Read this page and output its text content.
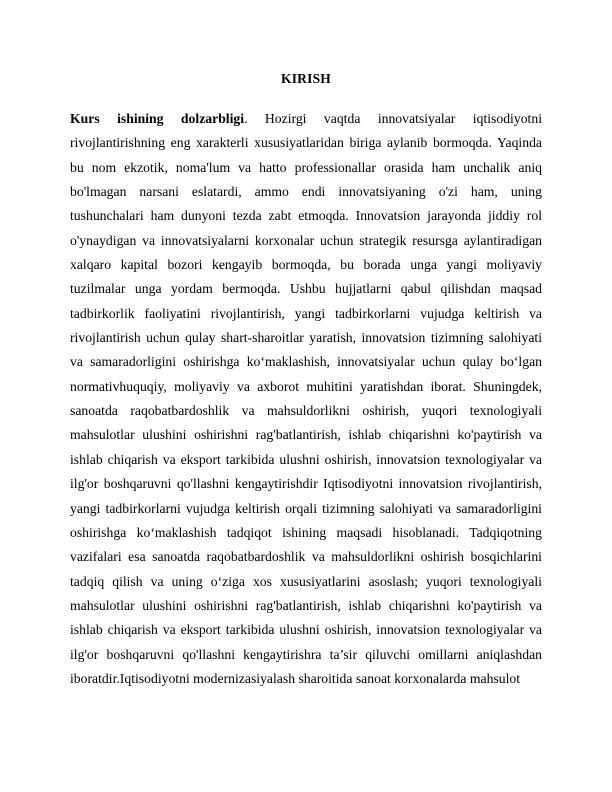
KIRISH

Kurs ishining dolzarbligi. Hozirgi vaqtda innovatsiyalar iqtisodiyotni rivojlantirishning eng xarakterli xususiyatlaridan biriga aylanib bormoqda. Yaqinda bu nom ekzotik, noma'lum va hatto professionallar orasida ham unchalik aniq bo'lmagan narsani eslatardi, ammo endi innovatsiyaning o'zi ham, uning tushunchalari ham dunyoni tezda zabt etmoqda. Innovatsion jarayonda jiddiy rol o'ynaydigan va innovatsiyalarni korxonalar uchun strategik resursga aylantiradigan xalqaro kapital bozori kengayib bormoqda, bu borada unga yangi moliyaviy tuzilmalar unga yordam bermoqda. Ushbu hujjatlarni qabul qilishdan maqsad tadbirkorlik faoliyatini rivojlantirish, yangi tadbirkorlarni vujudga keltirish va rivojlantirish uchun qulay shart-sharoitlar yaratish, innovatsion tizimning salohiyati va samaradorligini oshirishga ko‘maklashish, innovatsiyalar uchun qulay bo‘lgan normativhuquqiy, moliyaviy va axborot muhitini yaratishdan iborat. Shuningdek, sanoatda raqobatbardoshlik va mahsuldorlikni oshirish, yuqori texnologiyali mahsulotlar ulushini oshirishni rag'batlantirish, ishlab chiqarishni ko'paytirish va ishlab chiqarish va eksport tarkibida ulushni oshirish, innovatsion texnologiyalar va ilg'or boshqaruvni qo'llashni kengaytirishdir Iqtisodiyotni innovatsion rivojlantirish, yangi tadbirkorlarni vujudga keltirish orqali tizimning salohiyati va samaradorligini oshirishga ko‘maklashish tadqiqot ishining maqsadi hisoblanadi. Tadqiqotning vazifalari esa sanoatda raqobatbardoshlik va mahsuldorlikni oshirish bosqichlarini tadqiq qilish va uning o‘ziga xos xususiyatlarini asoslash; yuqori texnologiyali mahsulotlar ulushini oshirishni rag'batlantirish, ishlab chiqarishni ko'paytirish va ishlab chiqarish va eksport tarkibida ulushni oshirish, innovatsion texnologiyalar va ilg'or boshqaruvni qo'llashni kengaytirishra ta’sir qiluvchi omillarni aniqlashdan iboratdir.Iqtisodiyotni modernizasiyalash sharoitida sanoat korxonalarda mahsulot
